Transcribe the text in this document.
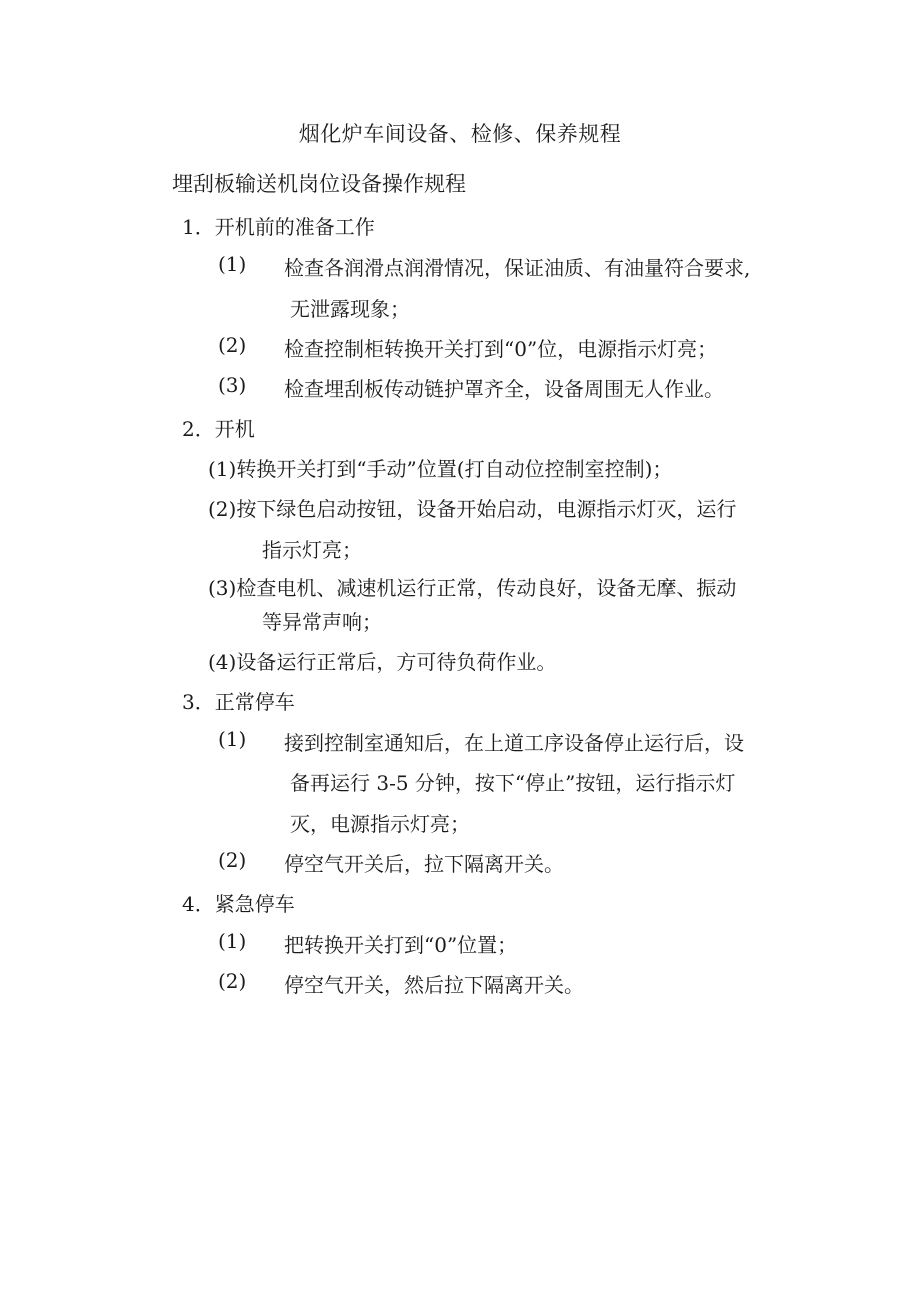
烟化炉车间设备、检修、保养规程
埋刮板输送机岗位设备操作规程
1．开机前的准备工作
(1) 检查各润滑点润滑情况，保证油质、有油量符合要求,
无泄露现象；
(2) 检查控制柜转换开关打到“0”位，电源指示灯亮；
(3) 检查埋刮板传动链护罩齐全，设备周围无人作业。
2．开机
(1)转换开关打到“手动”位置(打自动位控制室控制)；
(2)按下绿色启动按钮，设备开始启动，电源指示灯灭，运行
指示灯亮；
(3)检查电机、减速机运行正常，传动良好，设备无摩、振动
等异常声响；
(4)设备运行正常后，方可待负荷作业。
3．正常停车
(1) 接到控制室通知后，在上道工序设备停止运行后，设
备再运行 3-5 分钟，按下“停止”按钮，运行指示灯
灭，电源指示灯亮；
(2) 停空气开关后，拉下隔离开关。
4．紧急停车
(1) 把转换开关打到“0”位置；
(2) 停空气开关，然后拉下隔离开关。
